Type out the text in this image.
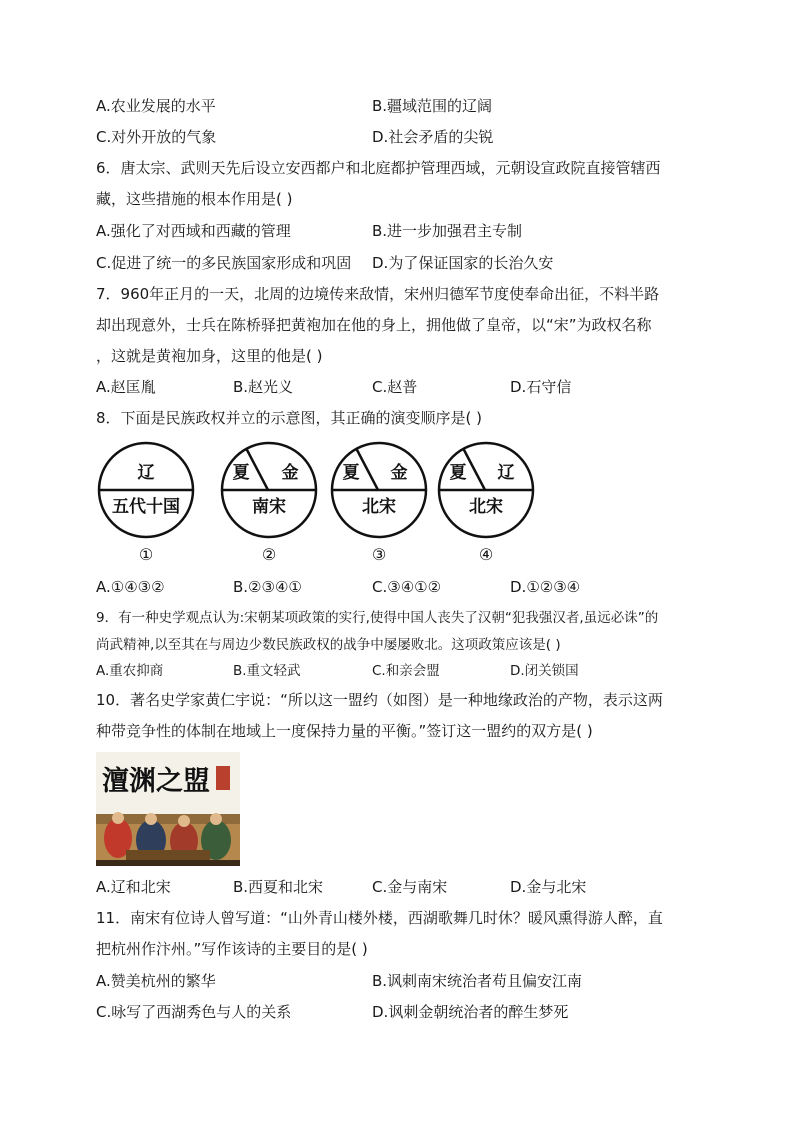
A.农业发展的水平	B.疆域范围的辽阔
C.对外开放的气象	D.社会矛盾的尖锐
6．唐太宗、武则天先后设立安西都户和北庭都护管理西域，元朝设宣政院直接管辖西
藏，这些措施的根本作用是( )
A.强化了对西域和西藏的管理	B.进一步加强君主专制
C.促进了统一的多民族国家形成和巩固 D.为了保证国家的长治久安
7．960年正月的一天，北周的边境传来敌情，宋州归德军节度使奉命出征，不料半路
却出现意外，士兵在陈桥驿把黄袍加在他的身上，拥他做了皇帝，以“宋”为政权名称
，这就是黄袍加身，这里的他是( )
A.赵匡胤	B.赵光义	C.赵普	D.石守信
8．下面是民族政权并立的示意图，其正确的演变顺序是( )
辽
五代十国
①
夏 金
南宋
②
夏 金
北宋
③
夏 辽
北宋
④
A.①④③②	B.②③④①	C.③④①②	D.①②③④
9．有一种史学观点认为:宋朝某项政策的实行,使得中国人丧失了汉朝“犯我强汉者,虽远必诛”的
尚武精神,以至其在与周边少数民族政权的战争中屡屡败北。这项政策应该是( )
A.重农抑商	B.重文轻武	C.和亲会盟	D.闭关锁国
10．著名史学家黄仁宇说：“所以这一盟约（如图）是一种地缘政治的产物，表示这两
种带竞争性的体制在地域上一度保持力量的平衡。”签订这一盟约的双方是( )
澶渊之盟
A.辽和北宋	B.西夏和北宋	C.金与南宋	D.金与北宋
11．南宋有位诗人曾写道：“山外青山楼外楼，西湖歌舞几时休？暖风熏得游人醉，直
把杭州作汴州。”写作该诗的主要目的是( )
A.赞美杭州的繁华	B.讽刺南宋统治者苟且偏安江南
C.咏写了西湖秀色与人的关系	D.讽刺金朝统治者的醉生梦死
